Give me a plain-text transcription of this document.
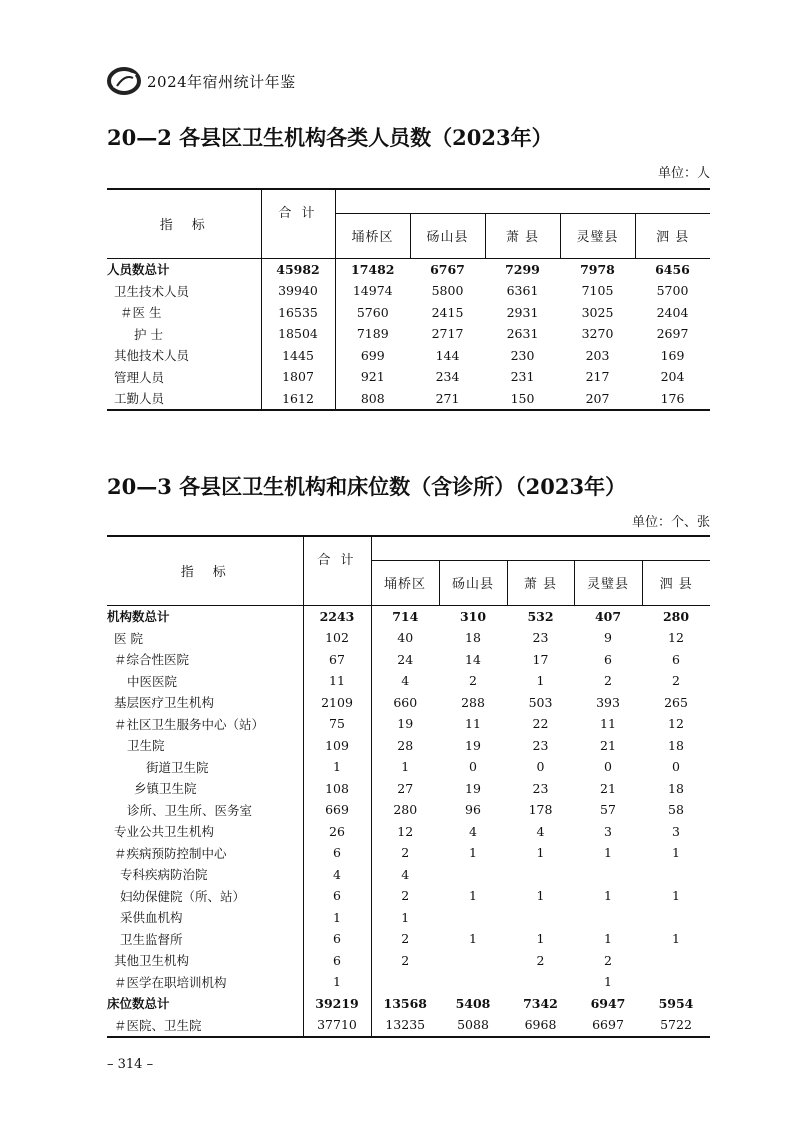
2024年宿州统计年鉴
20—2 各县区卫生机构各类人员数（2023年）
单位：人
指　标	合 计					
		埇桥区	砀山县	萧 县	灵璧县	泗 县
人员数总计	45982	17482	6767	7299	7978	6456
卫生技术人员	39940	14974	5800	6361	7105	5700
＃医 生	16535	5760	2415	2931	3025	2404
护 士	18504	7189	2717	2631	3270	2697
其他技术人员	1445	699	144	230	203	169
管理人员	1807	921	234	231	217	204
工勤人员	1612	808	271	150	207	176
20—3 各县区卫生机构和床位数（含诊所）（2023年）
单位：个、张
指　标	合 计					
		埇桥区	砀山县	萧 县	灵璧县	泗 县
机构数总计	2243	714	310	532	407	280
医 院	102	40	18	23	9	12
＃综合性医院	67	24	14	17	6	6
中医医院	11	4	2	1	2	2
基层医疗卫生机构	2109	660	288	503	393	265
＃社区卫生服务中心（站）	75	19	11	22	11	12
卫生院	109	28	19	23	21	18
街道卫生院	1	1	0	0	0	0
乡镇卫生院	108	27	19	23	21	18
诊所、卫生所、医务室	669	280	96	178	57	58
专业公共卫生机构	26	12	4	4	3	3
＃疾病预防控制中心	6	2	1	1	1	1
专科疾病防治院	4	4				
妇幼保健院（所、站）	6	2	1	1	1	1
采供血机构	1	1				
卫生监督所	6	2	1	1	1	1
其他卫生机构	6	2		2	2	
＃医学在职培训机构	1				1	
床位数总计	39219	13568	5408	7342	6947	5954
＃医院、卫生院	37710	13235	5088	6968	6697	5722
– 314 –
